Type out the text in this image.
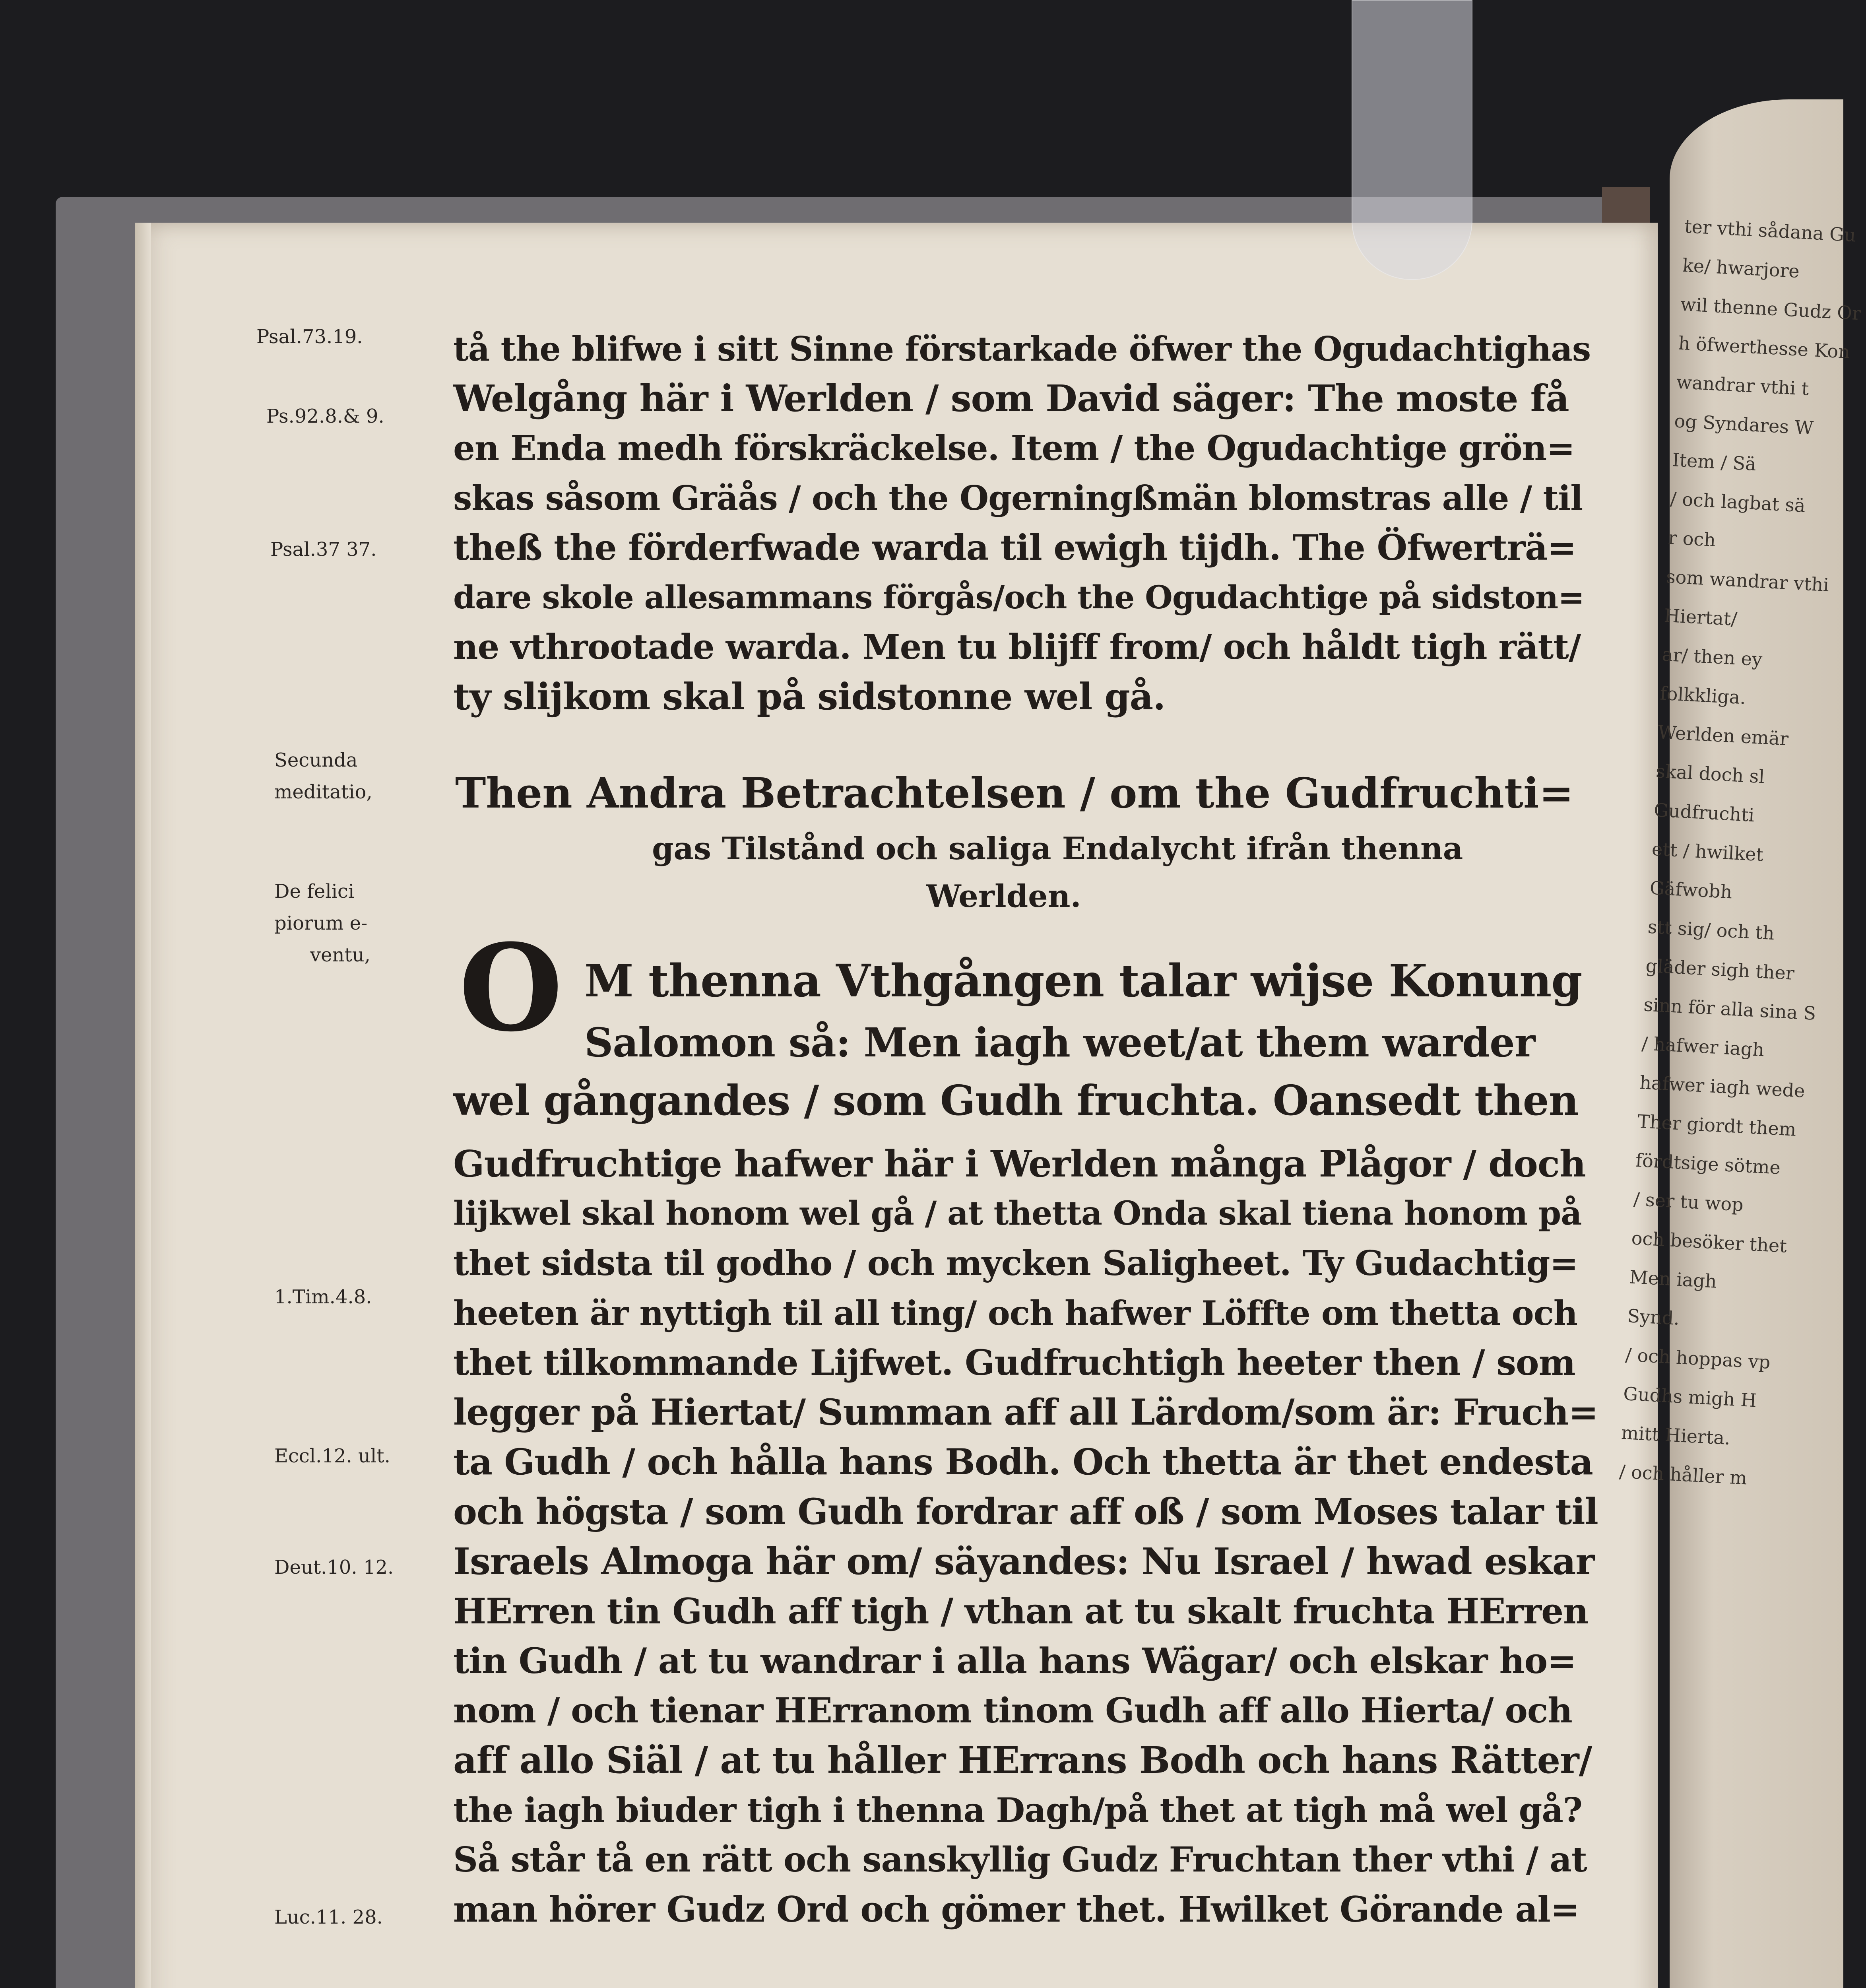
ter vthi sådana Gu
ke/ hwarjore
wil thenne Gudz Or
h öfwerthesse Kon
wandrar vthi t
og Syndares W
Item / Sä
/ och lagbat sä
r och
som wandrar vthi
Hiertat/
ar/ then ey
folkkliga.
Werlden emär
skal doch sl
Gudfruchti
ett / hwilket
Gäfwobh
stt sig/ och th
gläder sigh ther
sinn för alla sina S
/ hafwer iagh
hafwer iagh wede
Ther giordt them
fördtsige sötme
/ ser tu wop
och besöker thet
Men iagh
Synd.
/ och hoppas vp
Gudhs migh H
mitt Hierta.
/ och håller m
Psal.73.19.
Ps.92.8.& 9.
Psal.37 37.
Secunda
meditatio,
De felici
piorum e-
ventu,
1.Tim.4.8.
Eccl.12. ult.
Deut.10. 12.
Luc.11. 28.
tå the blifwe i sitt Sinne förstarkade öfwer the Ogudachtighas
Welgång här i Werlden / som David säger: The moste få
en Enda medh förskräckelse. Item / the Ogudachtige grön=
skas såsom Gräås / och the Ogerningßmän blomstras alle / til
theß the förderfwade warda til ewigh tijdh. The Öfwerträ=
dare skole allesammans förgås/och the Ogudachtige på sidston=
ne vthrootade warda. Men tu blijff from/ och håldt tigh rätt/
ty slijkom skal på sidstonne wel gå.
Then Andra Betrachtelsen / om the Gudfruchti=
gas Tilstånd och saliga Endalycht ifrån thenna
Werlden.
O M thenna Vthgången talar wijse Konung
Salomon så: Men iagh weet/at them warder
wel gångandes / som Gudh fruchta. Oansedt then
Gudfruchtige hafwer här i Werlden många Plågor / doch
lijkwel skal honom wel gå / at thetta Onda skal tiena honom på
thet sidsta til godho / och mycken Saligheet. Ty Gudachtig=
heeten är nyttigh til all ting/ och hafwer Löffte om thetta och
thet tilkommande Lijfwet. Gudfruchtigh heeter then / som
legger på Hiertat/ Summan aff all Lärdom/som är: Fruch=
ta Gudh / och hålla hans Bodh. Och thetta är thet endesta
och högsta / som Gudh fordrar aff oß / som Moses talar til
Israels Almoga här om/ säyandes: Nu Israel / hwad eskar
HErren tin Gudh aff tigh / vthan at tu skalt fruchta HErren
tin Gudh / at tu wandrar i alla hans Wägar/ och elskar ho=
nom / och tienar HErranom tinom Gudh aff allo Hierta/ och
aff allo Siäl / at tu håller HErrans Bodh och hans Rätter/
the iagh biuder tigh i thenna Dagh/på thet at tigh må wel gå?
Så står tå en rätt och sanskyllig Gudz Fruchtan ther vthi / at
man hörer Gudz Ord och gömer thet. Hwilket Görande al=
